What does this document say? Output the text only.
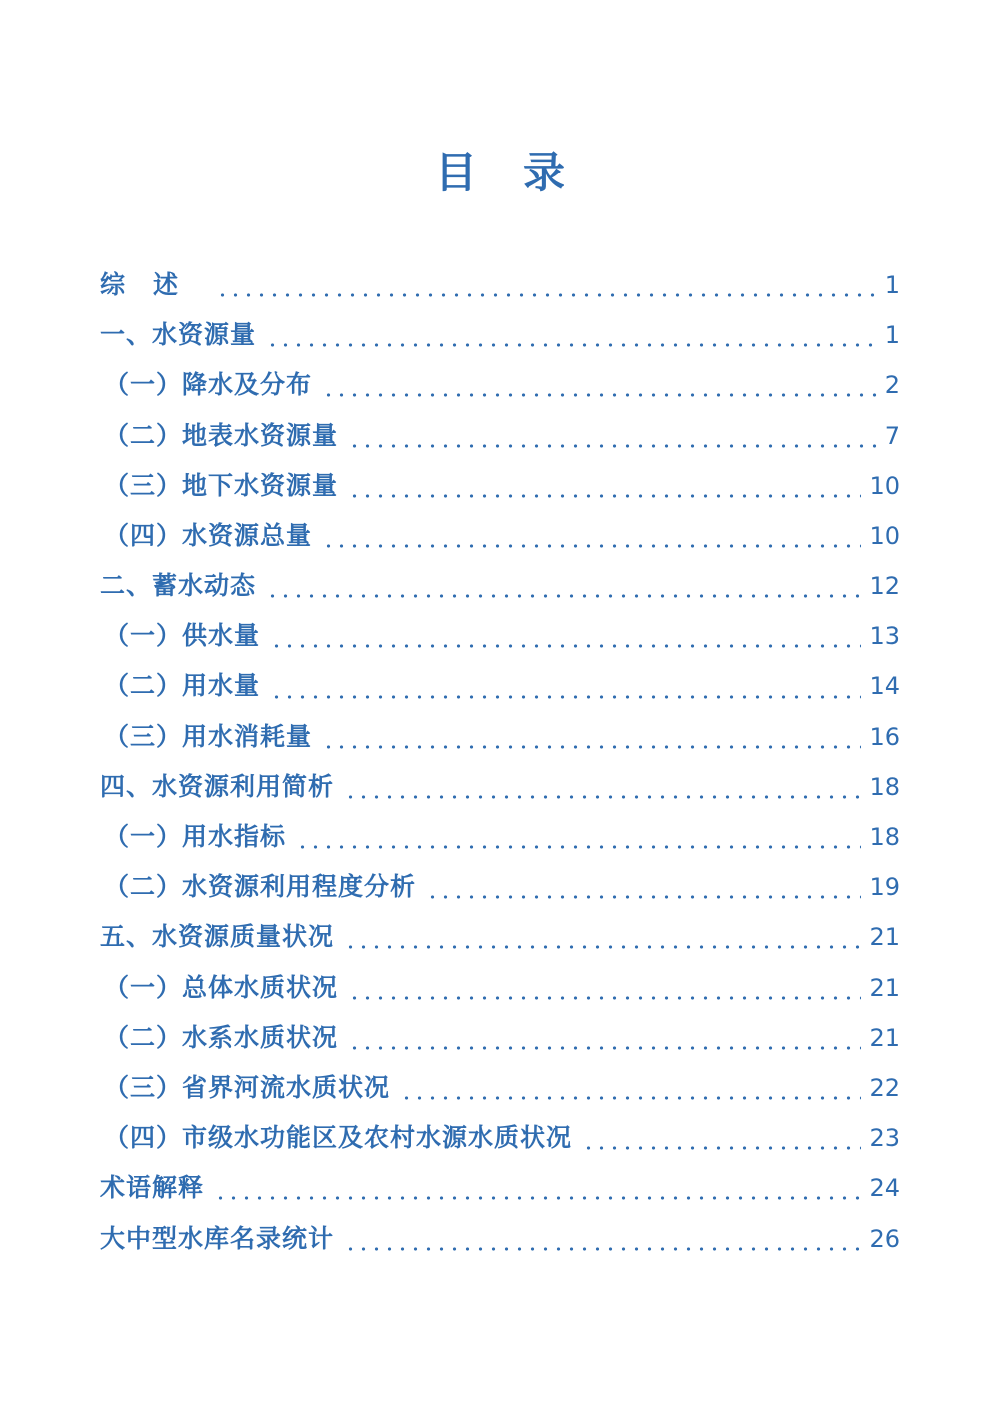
目 录
综述	1
一、水资源量	1
（一）降水及分布	2
（二）地表水资源量	7
（三）地下水资源量	10
（四）水资源总量	10
二、蓄水动态	12
（一）供水量	13
（二）用水量	14
（三）用水消耗量	16
四、水资源利用简析	18
（一）用水指标	18
（二）水资源利用程度分析	19
五、水资源质量状况	21
（一）总体水质状况	21
（二）水系水质状况	21
（三）省界河流水质状况	22
（四）市级水功能区及农村水源水质状况	23
术语解释	24
大中型水库名录统计	26
